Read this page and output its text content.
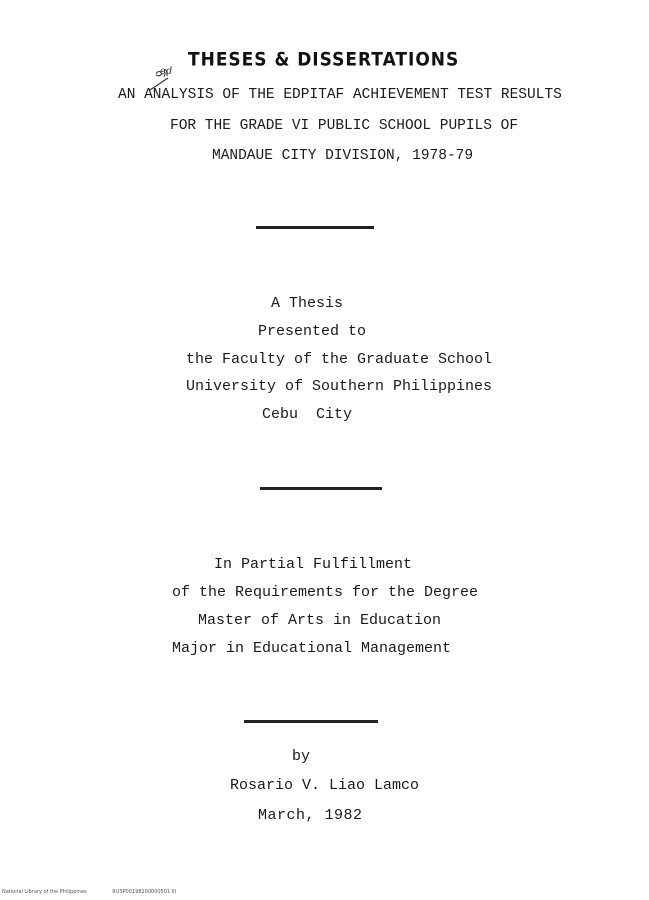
THESES & DISSERTATIONS
ed
AN ANALYSIS OF THE EDPITAF ACHIEVEMENT TEST RESULTS
FOR THE GRADE VI PUBLIC SCHOOL PUPILS OF
MANDAUE CITY DIVISION, 1978-79
A Thesis
Presented to
the Faculty of the Graduate School
University of Southern Philippines
Cebu  City
In Partial Fulfillment
of the Requirements for the Degree
Master of Arts in Education
Major in Educational Management
by
Rosario V. Liao Lamco
March, 1982
National Library of the Philippines	RUSP00198200000501 III
